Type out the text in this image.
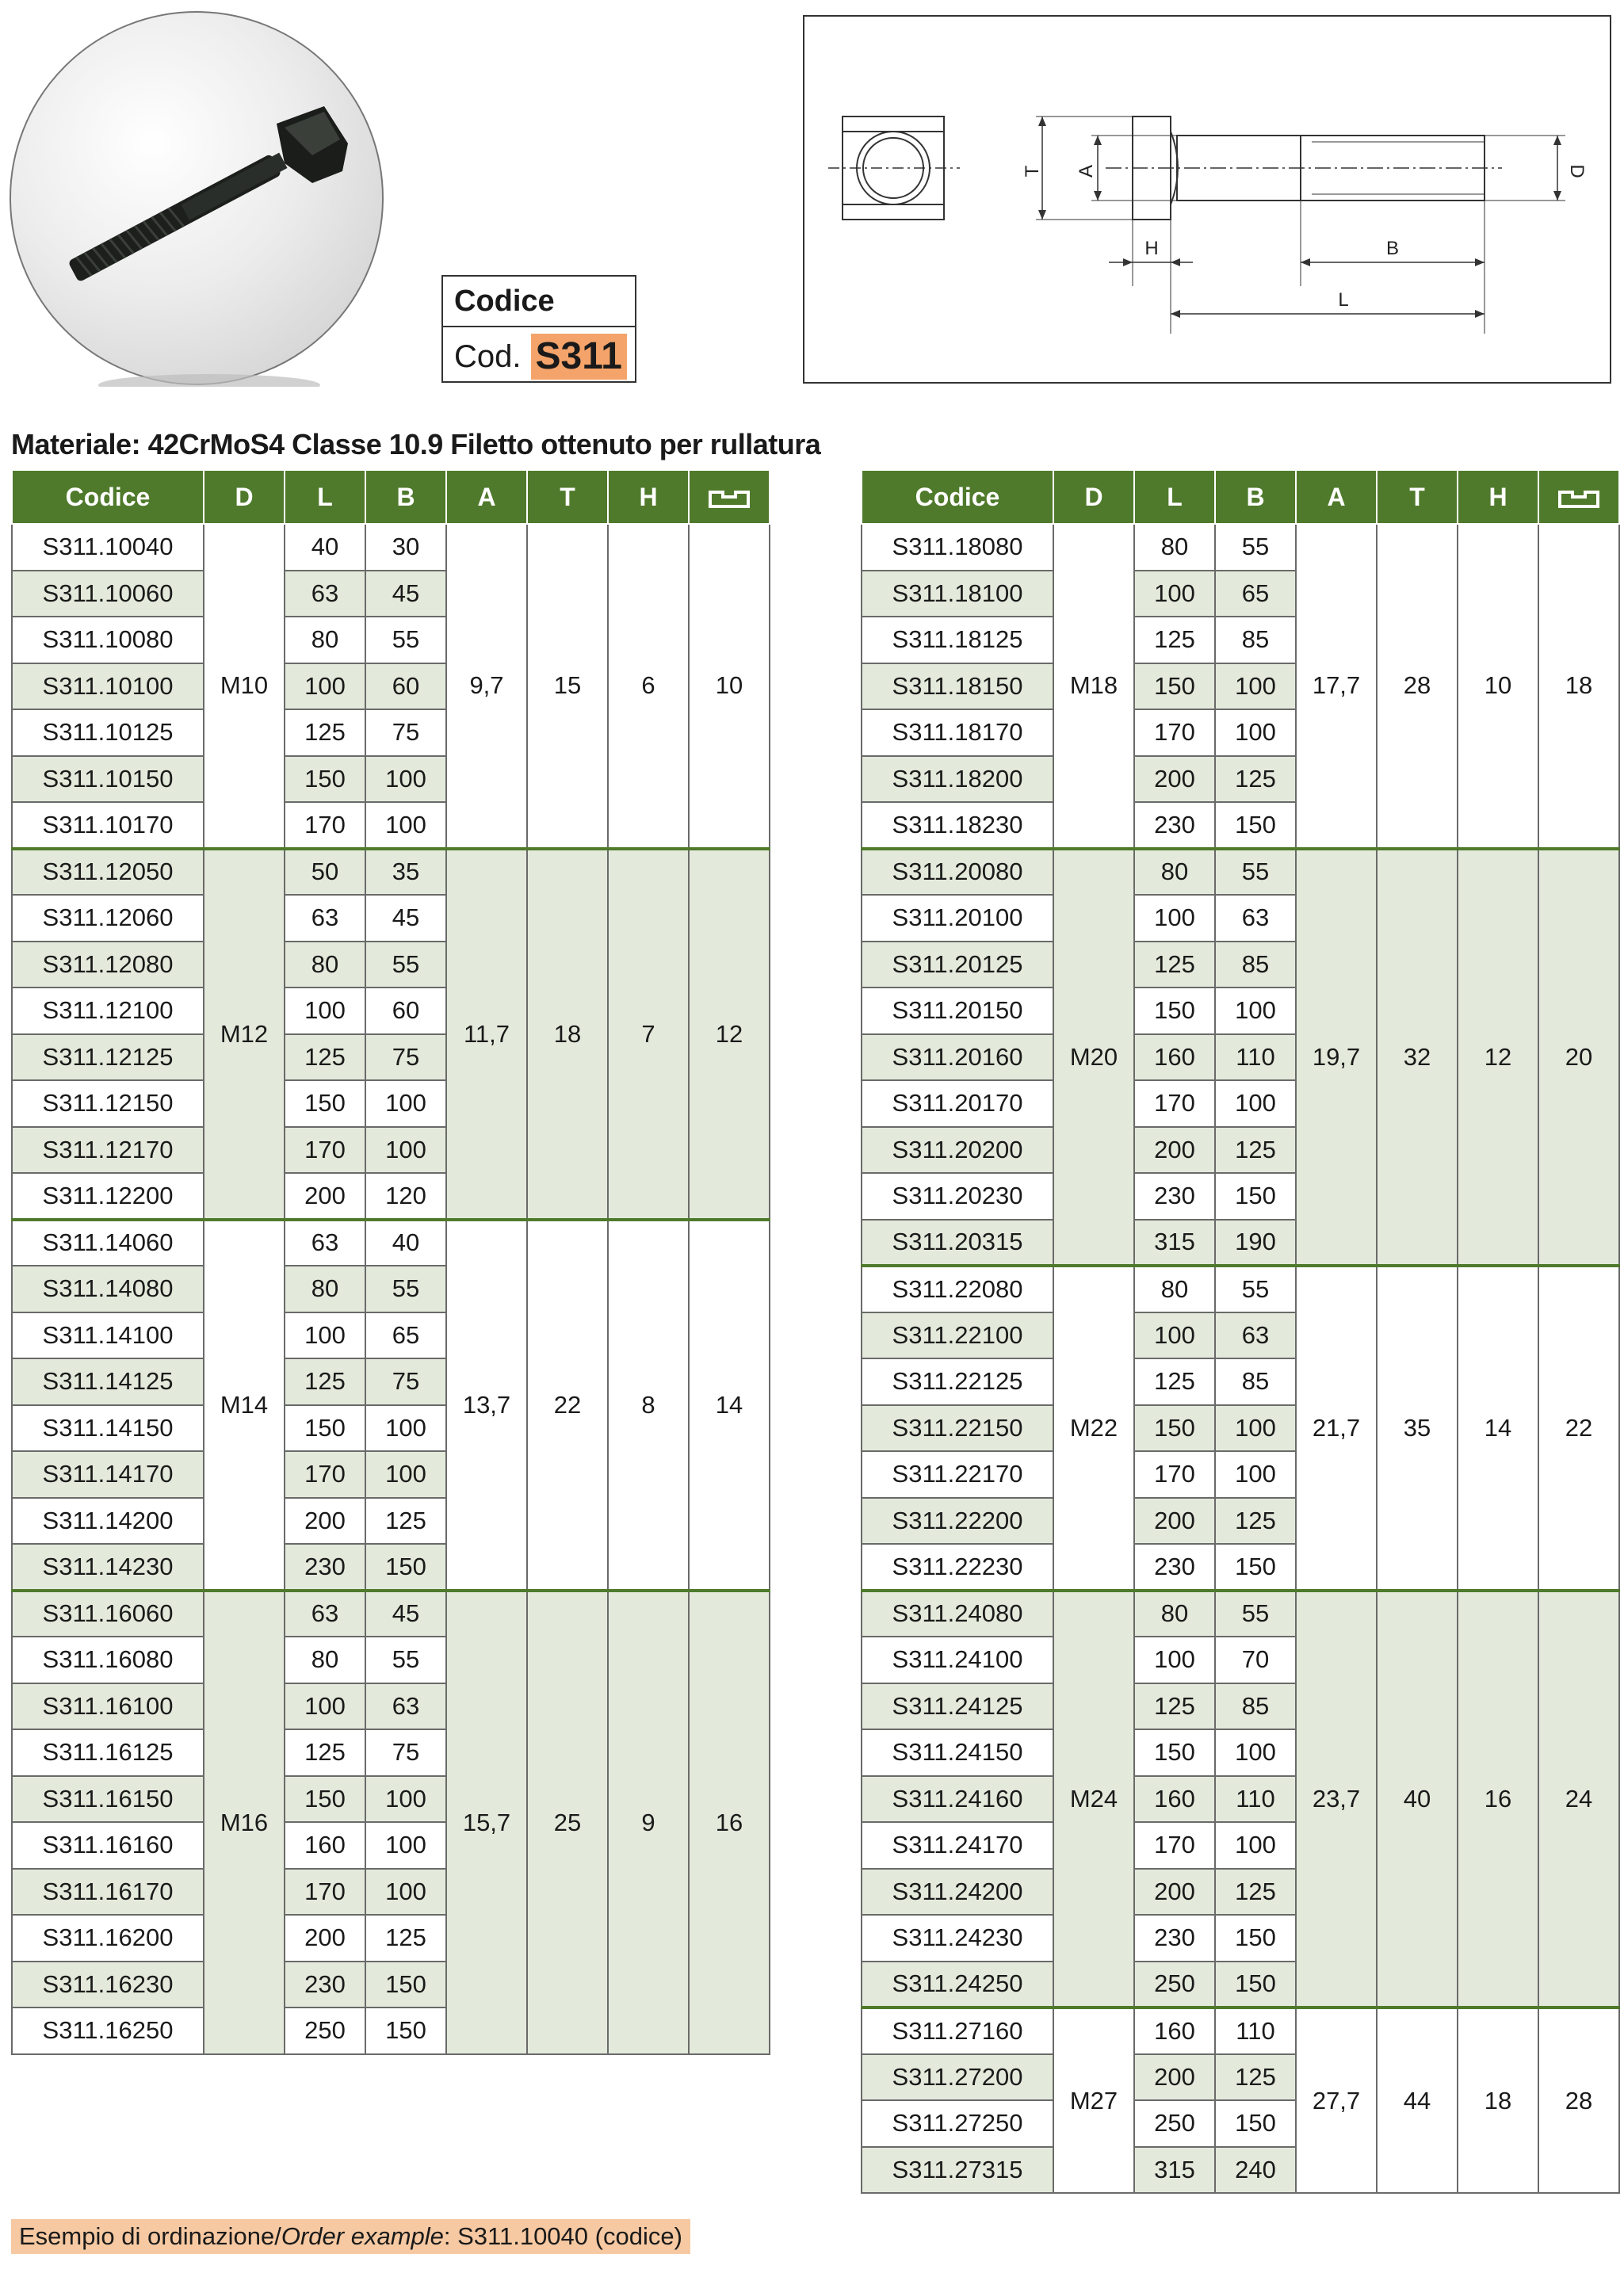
Codice
Cod. S311
T A	D
H	B
L
Materiale: 42CrMoS4 Classe 10.9 Filetto ottenuto per rullatura
Codice	D	L	B	A	T	H	
S311.10040	M10	40	30	9,7	15	6	10
S311.10060		63	45				
S311.10080		80	55				
S311.10100		100	60				
S311.10125		125	75				
S311.10150		150	100				
S311.10170		170	100				
S311.12050	M12	50	35	11,7	18	7	12
S311.12060		63	45				
S311.12080		80	55				
S311.12100		100	60				
S311.12125		125	75				
S311.12150		150	100				
S311.12170		170	100				
S311.12200		200	120				
S311.14060	M14	63	40	13,7	22	8	14
S311.14080		80	55				
S311.14100		100	65				
S311.14125		125	75				
S311.14150		150	100				
S311.14170		170	100				
S311.14200		200	125				
S311.14230		230	150				
S311.16060	M16	63	45	15,7	25	9	16
S311.16080		80	55				
S311.16100		100	63				
S311.16125		125	75				
S311.16150		150	100				
S311.16160		160	100				
S311.16170		170	100				
S311.16200		200	125				
S311.16230		230	150				
S311.16250		250	150				
Codice	D	L	B	A	T	H	
S311.18080	M18	80	55	17,7	28	10	18
S311.18100		100	65				
S311.18125		125	85				
S311.18150		150	100				
S311.18170		170	100				
S311.18200		200	125				
S311.18230		230	150				
S311.20080	M20	80	55	19,7	32	12	20
S311.20100		100	63				
S311.20125		125	85				
S311.20150		150	100				
S311.20160		160	110				
S311.20170		170	100				
S311.20200		200	125				
S311.20230		230	150				
S311.20315		315	190				
S311.22080	M22	80	55	21,7	35	14	22
S311.22100		100	63				
S311.22125		125	85				
S311.22150		150	100				
S311.22170		170	100				
S311.22200		200	125				
S311.22230		230	150				
S311.24080	M24	80	55	23,7	40	16	24
S311.24100		100	70				
S311.24125		125	85				
S311.24150		150	100				
S311.24160		160	110				
S311.24170		170	100				
S311.24200		200	125				
S311.24230		230	150				
S311.24250		250	150				
S311.27160	M27	160	110	27,7	44	18	28
S311.27200		200	125				
S311.27250		250	150				
S311.27315		315	240				
Esempio di ordinazione/Order example: S311.10040 (codice)
